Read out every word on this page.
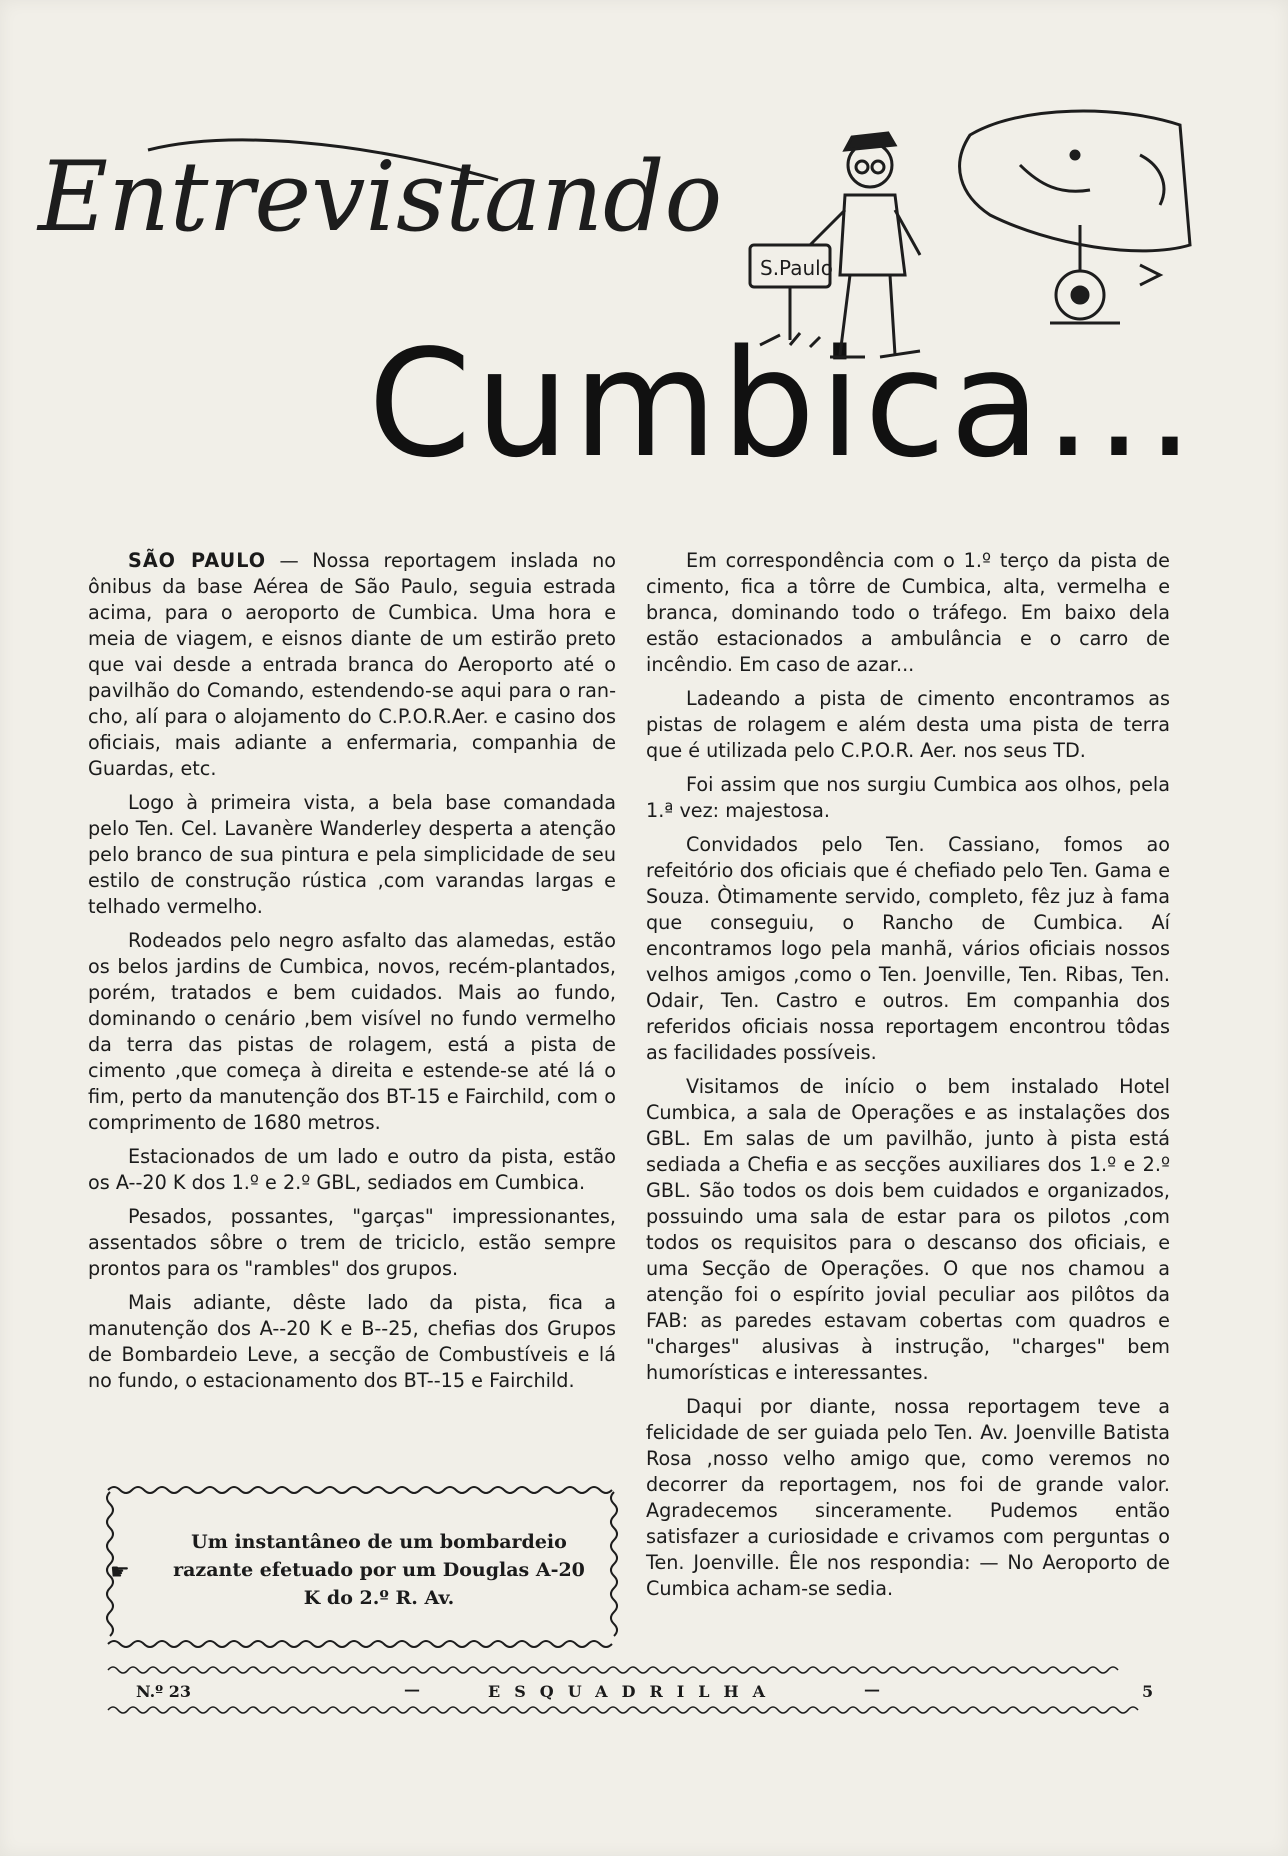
Entrevistando
Cumbica...
S.Paulo

SÃO PAULO — Nossa reportagem inslada no ônibus da base Aérea de São Paulo, seguia estrada acima, para o aeroporto de Cumbica. Uma hora e meia de viagem, e eisnos diante de um estirão preto que vai desde a entrada branca do Aeroporto até o pavilhão do Comando, estendendo-se aqui para o rancho, alí para o alojamento do C.P.O.R.Aer. e casino dos oficiais, mais adiante a enfermaria, companhia de Guardas, etc.

Logo à primeira vista, a bela base comandada pelo Ten. Cel. Lavanère Wanderley desperta a atenção pelo branco de sua pintura e pela simplicidade de seu estilo de construção rústica ,com varandas largas e telhado vermelho.

Rodeados pelo negro asfalto das alamedas, estão os belos jardins de Cumbica, novos, recém-plantados, porém, tratados e bem cuidados. Mais ao fundo, dominando o cenário ,bem visível no fundo vermelho da terra das pistas de rolagem, está a pista de cimento ,que começa à direita e estende-se até lá o fim, perto da manutenção dos BT-15 e Fairchild, com o comprimento de 1680 metros.

Estacionados de um lado e outro da pista, estão os A--20 K dos 1.º e 2.º GBL, sediados em Cumbica.

Pesados, possantes, "garças" impressionantes, assentados sôbre o trem de triciclo, estão sempre prontos para os "rambles" dos grupos.

Mais adiante, dêste lado da pista, fica a manutenção dos A--20 K e B--25, chefias dos Grupos de Bombardeio Leve, a secção de Combustíveis e lá no fundo, o estacionamento dos BT--15 e Fairchild.

☛
Um instantâneo de um bombardeio razante efetuado por um Douglas A-20 K do 2.º R. Av.

Em correspondência com o 1.º terço da pista de cimento, fica a tôrre de Cumbica, alta, vermelha e branca, dominando todo o tráfego. Em baixo dela estão estacionados a ambulância e o carro de incêndio. Em caso de azar...

Ladeando a pista de cimento encontramos as pistas de rolagem e além desta uma pista de terra que é utilizada pelo C.P.O.R. Aer. nos seus TD.

Foi assim que nos surgiu Cumbica aos olhos, pela 1.ª vez: majestosa.

Convidados pelo Ten. Cassiano, fomos ao refeitório dos oficiais que é chefiado pelo Ten. Gama e Souza. Òtimamente servido, completo, fêz juz à fama que conseguiu, o Rancho de Cumbica. Aí encontramos logo pela manhã, vários oficiais nossos velhos amigos ,como o Ten. Joenville, Ten. Ribas, Ten. Odair, Ten. Castro e outros. Em companhia dos referidos oficiais nossa reportagem encontrou tôdas as facilidades possíveis.

Visitamos de início o bem instalado Hotel Cumbica, a sala de Operações e as instalações dos GBL. Em salas de um pavilhão, junto à pista está sediada a Chefia e as secções auxiliares dos 1.º e 2.º GBL. São todos os dois bem cuidados e organizados, possuindo uma sala de estar para os pilotos ,com todos os requisitos para o descanso dos oficiais, e uma Secção de Operações. O que nos chamou a atenção foi o espírito jovial peculiar aos pilôtos da FAB: as paredes estavam cobertas com quadros e "charges" alusivas à instrução, "charges" bem humorísticas e interessantes.

Daqui por diante, nossa reportagem teve a felicidade de ser guiada pelo Ten. Av. Joenville Batista Rosa ,nosso velho amigo que, como veremos no decorrer da reportagem, nos foi de grande valor. Agradecemos sinceramente. Pudemos então satisfazer a curiosidade e crivamos com perguntas o Ten. Joenville. Êle nos respondia: — No Aeroporto de Cumbica acham-se sedia.

N.º 23	—	ESQUADRILHA	—	5
